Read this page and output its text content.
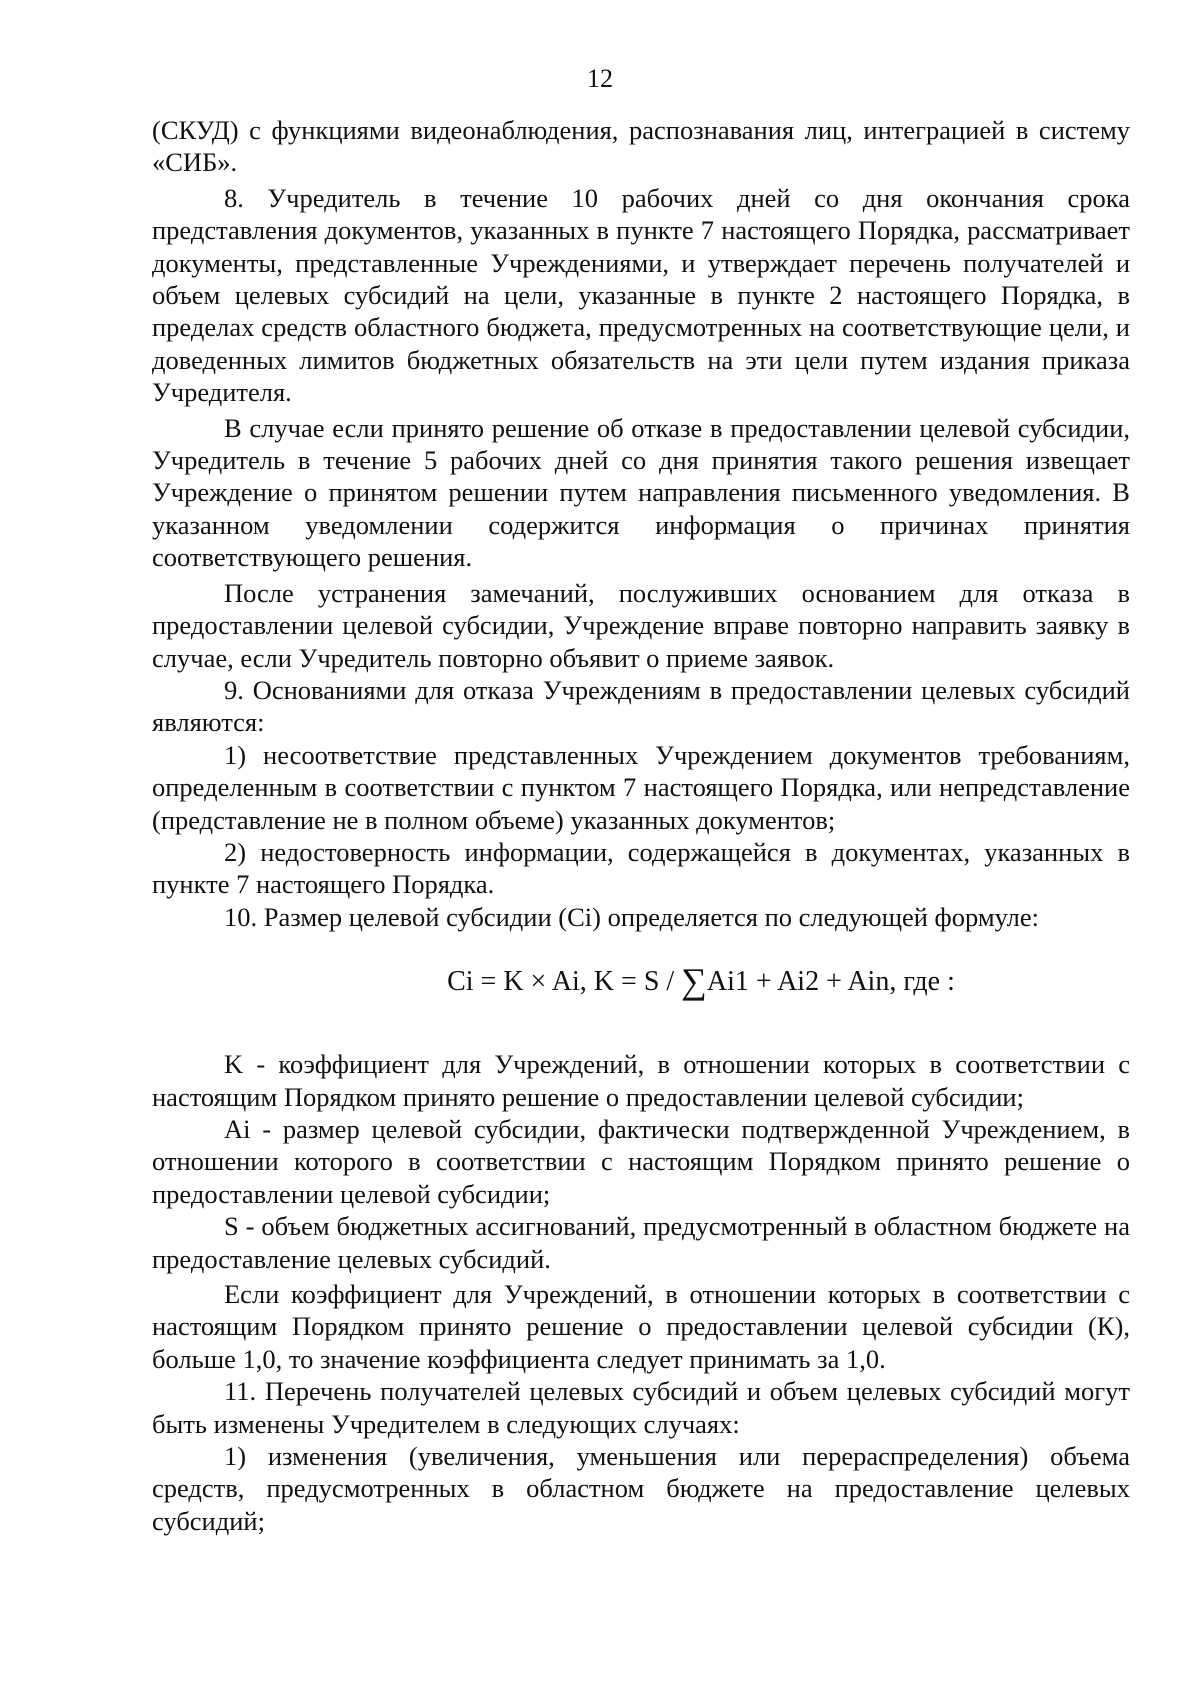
12

(СКУД) с функциями видеонаблюдения, распознавания лиц, интеграцией в систему «СИБ».

8. Учредитель в течение 10 рабочих дней со дня окончания срока представления документов, указанных в пункте 7 настоящего Порядка, рассматривает документы, представленные Учреждениями, и утверждает перечень получателей и объем целевых субсидий на цели, указанные в пункте 2 настоящего Порядка, в пределах средств областного бюджета, предусмотренных на соответствующие цели, и доведенных лимитов бюджетных обязательств на эти цели путем издания приказа Учредителя.

В случае если принято решение об отказе в предоставлении целевой субсидии, Учредитель в течение 5 рабочих дней со дня принятия такого решения извещает Учреждение о принятом решении путем направления письменного уведомления. В указанном уведомлении содержится информация о причинах принятия соответствующего решения.

После устранения замечаний, послуживших основанием для отказа в предоставлении целевой субсидии, Учреждение вправе повторно направить заявку в случае, если Учредитель повторно объявит о приеме заявок.

9. Основаниями для отказа Учреждениям в предоставлении целевых субсидий являются:

1) несоответствие представленных Учреждением документов требованиям, определенным в соответствии с пунктом 7 настоящего Порядка, или непредставление (представление не в полном объеме) указанных документов;

2) недостоверность информации, содержащейся в документах, указанных в пункте 7 настоящего Порядка.

10. Размер целевой субсидии (Ci) определяется по следующей формуле:

Ci = K × Ai, K = S / ∑Ai1 + Ai2 + Ain, где :

K - коэффициент для Учреждений, в отношении которых в соответствии с настоящим Порядком принято решение о предоставлении целевой субсидии;

Ai - размер целевой субсидии, фактически подтвержденной Учреждением, в отношении которого в соответствии с настоящим Порядком принято решение о предоставлении целевой субсидии;

S - объем бюджетных ассигнований, предусмотренный в областном бюджете на предоставление целевых субсидий.

Если коэффициент для Учреждений, в отношении которых в соответствии с настоящим Порядком принято решение о предоставлении целевой субсидии (К), больше 1,0, то значение коэффициента следует принимать за 1,0.

11. Перечень получателей целевых субсидий и объем целевых субсидий могут быть изменены Учредителем в следующих случаях:

1) изменения (увеличения, уменьшения или перераспределения) объема средств, предусмотренных в областном бюджете на предоставление целевых субсидий;
